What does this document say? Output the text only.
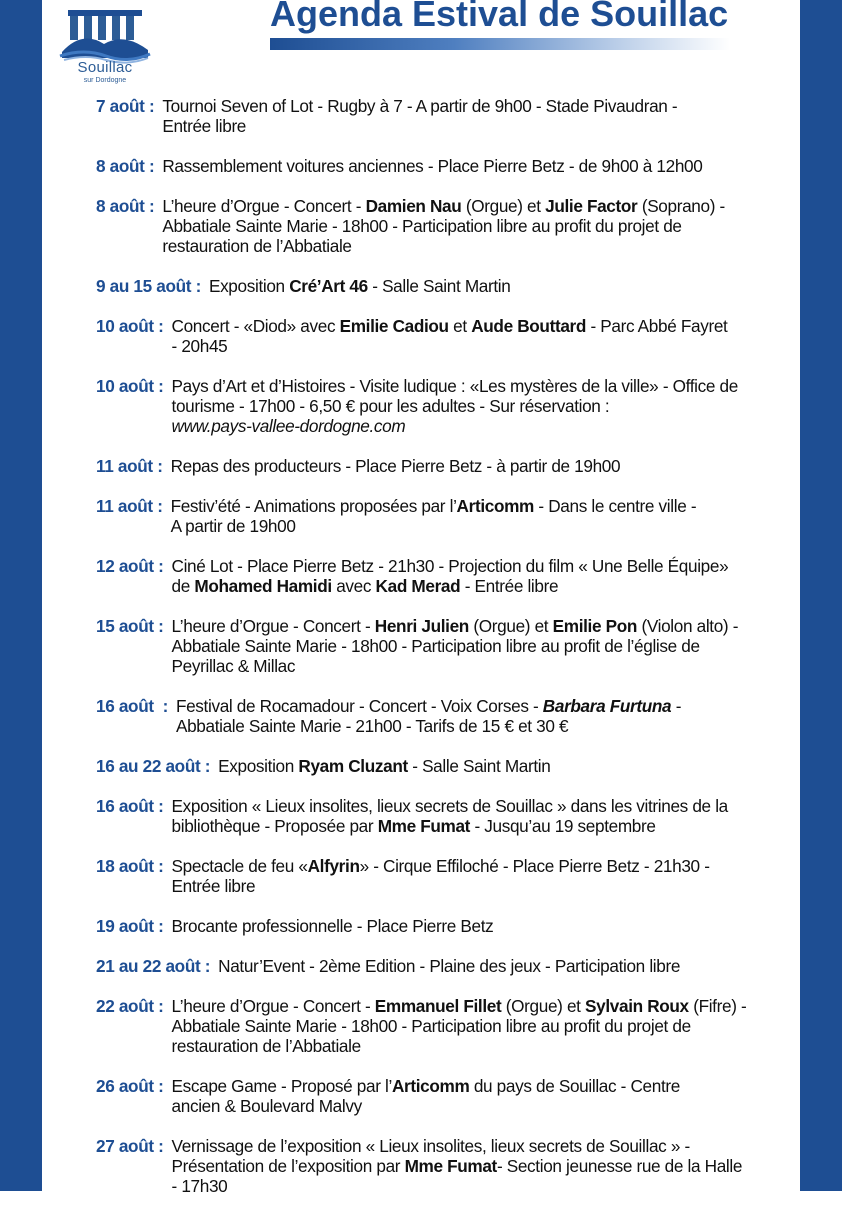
Souillac
sur Dordogne
Agenda Estival de Souillac
7 août : Tournoi Seven of Lot - Rugby à 7 - A partir de 9h00 - Stade Pivaudran -
Entrée libre
8 août : Rassemblement voitures anciennes - Place Pierre Betz - de 9h00 à 12h00
8 août : L’heure d’Orgue - Concert - Damien Nau (Orgue) et Julie Factor (Soprano) -
Abbatiale Sainte Marie - 18h00 - Participation libre au profit du projet de
restauration de l’Abbatiale
9 au 15 août : Exposition Cré’Art 46 - Salle Saint Martin
10 août : Concert - «Diod» avec Emilie Cadiou et Aude Bouttard - Parc Abbé Fayret
- 20h45
10 août : Pays d’Art et d’Histoires - Visite ludique : «Les mystères de la ville» - Office de
tourisme - 17h00 - 6,50 € pour les adultes - Sur réservation :
www.pays-vallee-dordogne.com
11 août : Repas des producteurs - Place Pierre Betz - à partir de 19h00
11 août : Festiv’été - Animations proposées par l’Articomm - Dans le centre ville -
A partir de 19h00
12 août : Ciné Lot - Place Pierre Betz - 21h30 - Projection du film « Une Belle Équipe»
de Mohamed Hamidi avec Kad Merad - Entrée libre
15 août : L’heure d’Orgue - Concert - Henri Julien (Orgue) et Emilie Pon (Violon alto) -
Abbatiale Sainte Marie - 18h00 - Participation libre au profit de l’église de
Peyrillac & Millac
16 août  : Festival de Rocamadour - Concert - Voix Corses - Barbara Furtuna -
Abbatiale Sainte Marie - 21h00 - Tarifs de 15 € et 30 €
16 au 22 août : Exposition Ryam Cluzant - Salle Saint Martin
16 août : Exposition « Lieux insolites, lieux secrets de Souillac » dans les vitrines de la
bibliothèque - Proposée par Mme Fumat - Jusqu’au 19 septembre
18 août : Spectacle de feu «Alfyrin» - Cirque Effiloché - Place Pierre Betz - 21h30 -
Entrée libre
19 août : Brocante professionnelle - Place Pierre Betz
21 au 22 août : Natur’Event - 2ème Edition - Plaine des jeux - Participation libre
22 août : L’heure d’Orgue - Concert - Emmanuel Fillet (Orgue) et Sylvain Roux (Fifre) -
Abbatiale Sainte Marie - 18h00 - Participation libre au profit du projet de
restauration de l’Abbatiale
26 août : Escape Game - Proposé par l’Articomm du pays de Souillac - Centre
ancien & Boulevard Malvy
27 août : Vernissage de l’exposition « Lieux insolites, lieux secrets de Souillac » -
Présentation de l’exposition par Mme Fumat- Section jeunesse rue de la Halle
- 17h30
